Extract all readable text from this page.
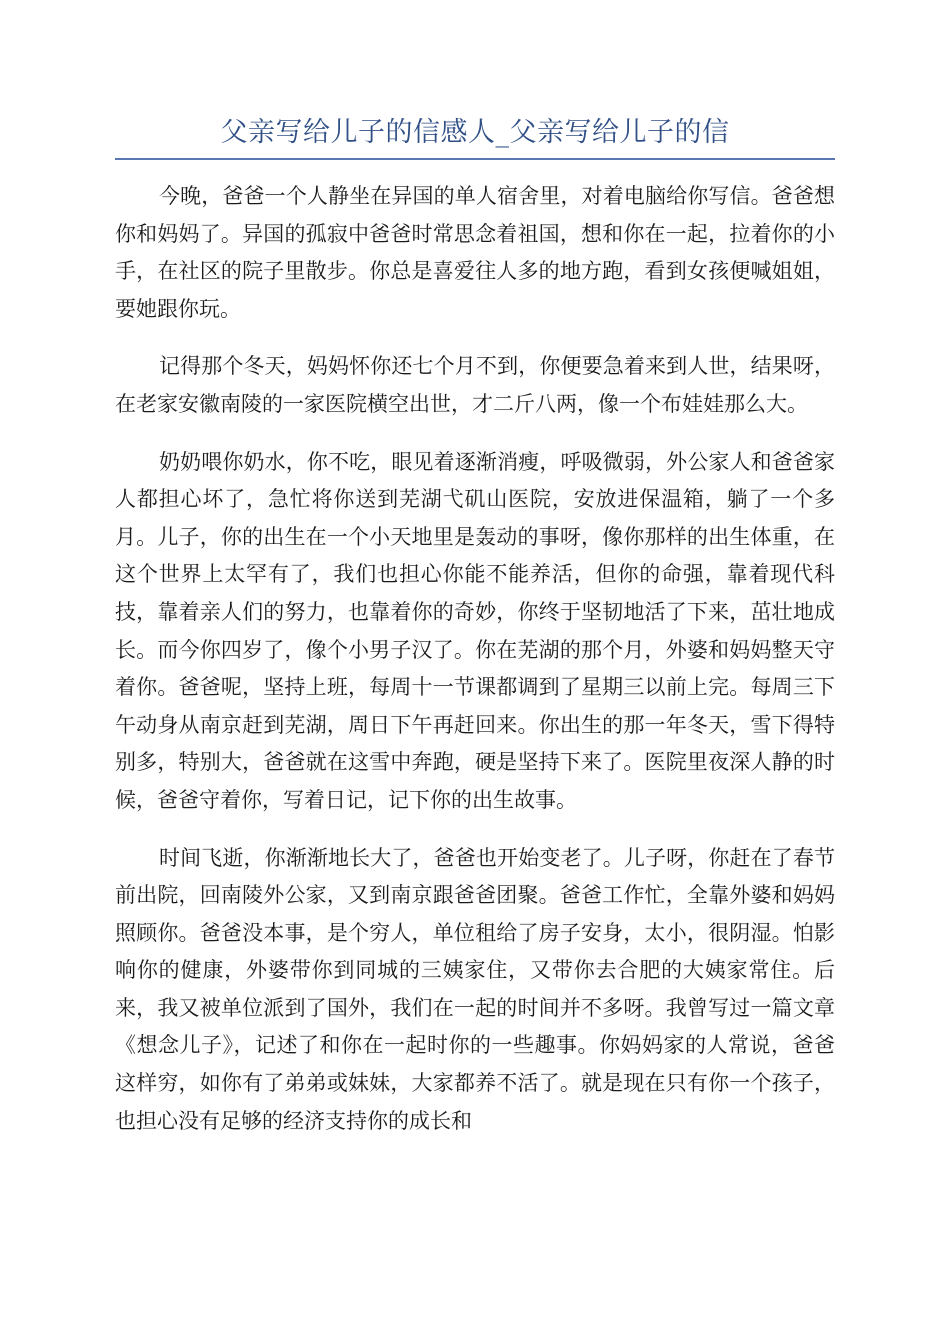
父亲写给儿子的信感人_父亲写给儿子的信

今晚，爸爸一个人静坐在异国的单人宿舍里，对着电脑给你写信。爸爸想你和妈妈了。异国的孤寂中爸爸时常思念着祖国，想和你在一起，拉着你的小手，在社区的院子里散步。你总是喜爱往人多的地方跑，看到女孩便喊姐姐，要她跟你玩。

记得那个冬天，妈妈怀你还七个月不到，你便要急着来到人世，结果呀，在老家安徽南陵的一家医院横空出世，才二斤八两，像一个布娃娃那么大。

奶奶喂你奶水，你不吃，眼见着逐渐消瘦，呼吸微弱，外公家人和爸爸家人都担心坏了，急忙将你送到芜湖弋矶山医院，安放进保温箱，躺了一个多月。儿子，你的出生在一个小天地里是轰动的事呀，像你那样的出生体重，在这个世界上太罕有了，我们也担心你能不能养活，但你的命强，靠着现代科技，靠着亲人们的努力，也靠着你的奇妙，你终于坚韧地活了下来，茁壮地成长。而今你四岁了，像个小男子汉了。你在芜湖的那个月，外婆和妈妈整天守着你。爸爸呢，坚持上班，每周十一节课都调到了星期三以前上完。每周三下午动身从南京赶到芜湖，周日下午再赶回来。你出生的那一年冬天，雪下得特别多，特别大，爸爸就在这雪中奔跑，硬是坚持下来了。医院里夜深人静的时候，爸爸守着你，写着日记，记下你的出生故事。

时间飞逝，你渐渐地长大了，爸爸也开始变老了。儿子呀，你赶在了春节前出院，回南陵外公家，又到南京跟爸爸团聚。爸爸工作忙，全靠外婆和妈妈照顾你。爸爸没本事，是个穷人，单位租给了房子安身，太小，很阴湿。怕影响你的健康，外婆带你到同城的三姨家住，又带你去合肥的大姨家常住。后来，我又被单位派到了国外，我们在一起的时间并不多呀。我曾写过一篇文章《想念儿子》，记述了和你在一起时你的一些趣事。你妈妈家的人常说，爸爸这样穷，如你有了弟弟或妹妹，大家都养不活了。就是现在只有你一个孩子，也担心没有足够的经济支持你的成长和
